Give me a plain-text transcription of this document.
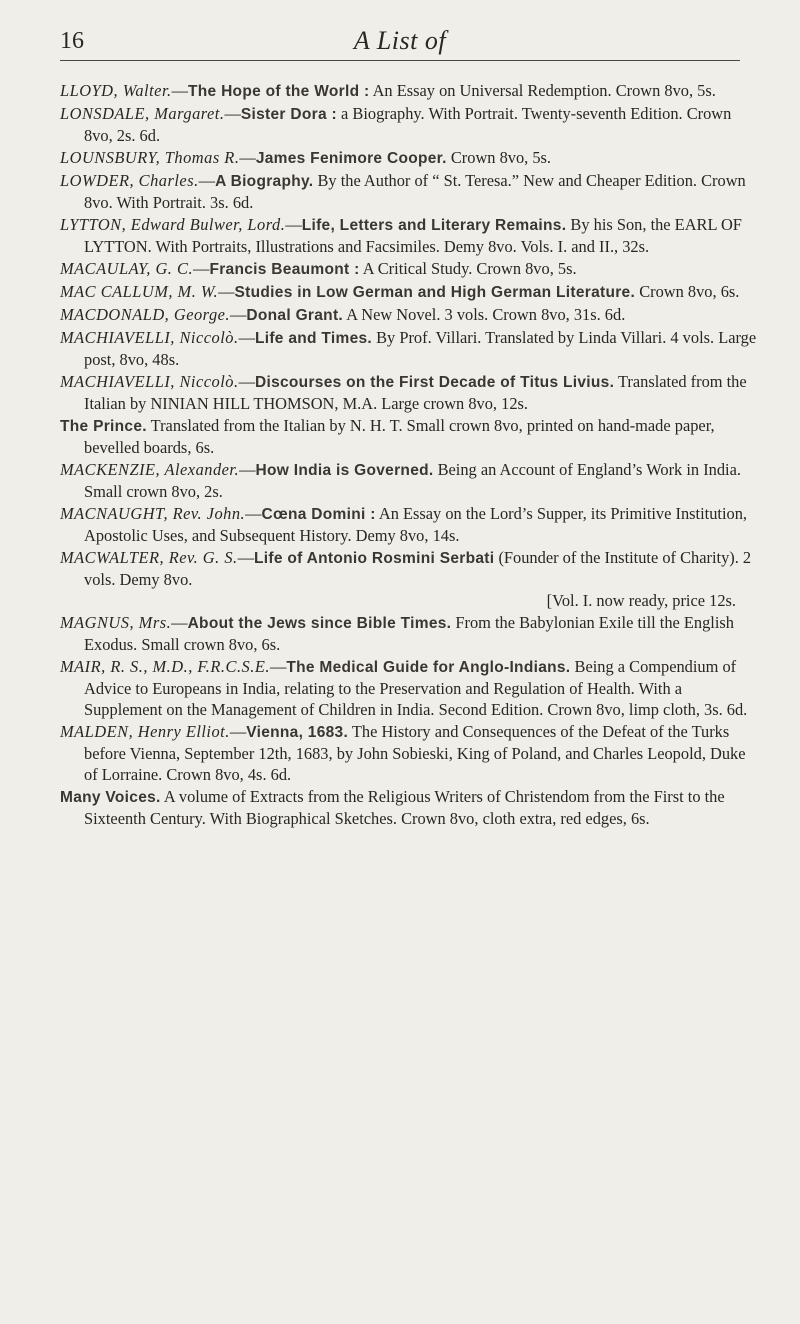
16	A List of
LLOYD, Walter.—The Hope of the World : An Essay on Universal Redemption. Crown 8vo, 5s.
LONSDALE, Margaret.—Sister Dora : a Biography. With Portrait. Twenty-seventh Edition. Crown 8vo, 2s. 6d.
LOUNSBURY, Thomas R.—James Fenimore Cooper. Crown 8vo, 5s.
LOWDER, Charles.—A Biography. By the Author of “ St. Teresa.” New and Cheaper Edition. Crown 8vo. With Portrait. 3s. 6d.
LYTTON, Edward Bulwer, Lord.—Life, Letters and Literary Remains. By his Son, the EARL OF LYTTON. With Portraits, Illustrations and Facsimiles. Demy 8vo. Vols. I. and II., 32s.
MACAULAY, G. C.—Francis Beaumont : A Critical Study. Crown 8vo, 5s.
MAC CALLUM, M. W.—Studies in Low German and High German Literature. Crown 8vo, 6s.
MACDONALD, George.—Donal Grant. A New Novel. 3 vols. Crown 8vo, 31s. 6d.
MACHIAVELLI, Niccolò.—Life and Times. By Prof. Villari. Translated by Linda Villari. 4 vols. Large post, 8vo, 48s.
MACHIAVELLI, Niccolò.—Discourses on the First Decade of Titus Livius. Translated from the Italian by NINIAN HILL THOMSON, M.A. Large crown 8vo, 12s.
The Prince. Translated from the Italian by N. H. T. Small crown 8vo, printed on hand-made paper, bevelled boards, 6s.
MACKENZIE, Alexander.—How India is Governed. Being an Account of England’s Work in India. Small crown 8vo, 2s.
MACNAUGHT, Rev. John.—Cœna Domini : An Essay on the Lord’s Supper, its Primitive Institution, Apostolic Uses, and Subsequent History. Demy 8vo, 14s.
MACWALTER, Rev. G. S.—Life of Antonio Rosmini Serbati (Founder of the Institute of Charity). 2 vols. Demy 8vo.
[Vol. I. now ready, price 12s.
MAGNUS, Mrs.—About the Jews since Bible Times. From the Babylonian Exile till the English Exodus. Small crown 8vo, 6s.
MAIR, R. S., M.D., F.R.C.S.E.—The Medical Guide for Anglo-Indians. Being a Compendium of Advice to Europeans in India, relating to the Preservation and Regulation of Health. With a Supplement on the Management of Children in India. Second Edition. Crown 8vo, limp cloth, 3s. 6d.
MALDEN, Henry Elliot.—Vienna, 1683. The History and Consequences of the Defeat of the Turks before Vienna, September 12th, 1683, by John Sobieski, King of Poland, and Charles Leopold, Duke of Lorraine. Crown 8vo, 4s. 6d.
Many Voices. A volume of Extracts from the Religious Writers of Christendom from the First to the Sixteenth Century. With Biographical Sketches. Crown 8vo, cloth extra, red edges, 6s.
